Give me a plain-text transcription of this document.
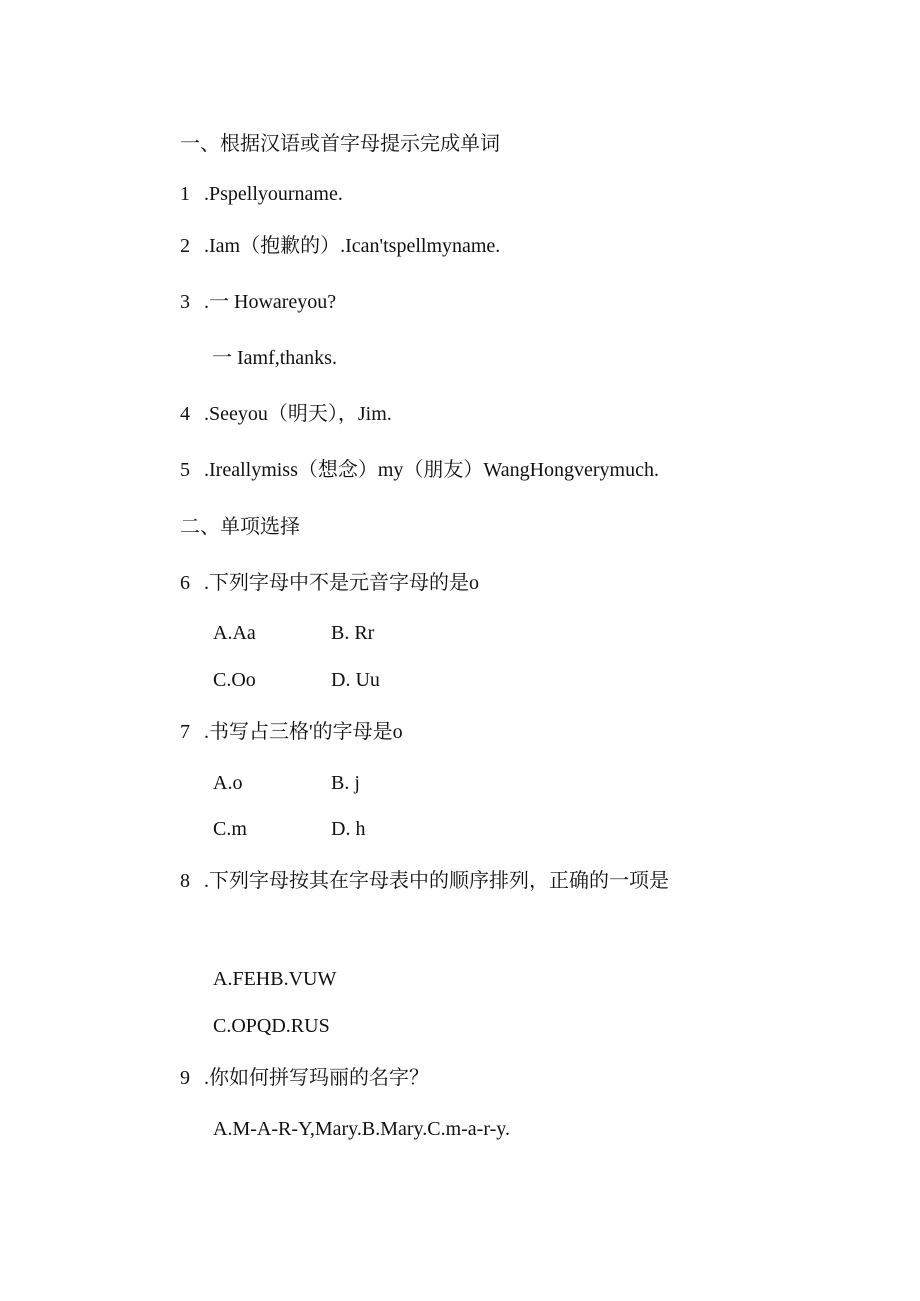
一、根据汉语或首字母提示完成单词
1 .Pspellyourname.
2 .Iam（抱歉的）.Ican'tspellmyname.
3 .一 Howareyou?
一 Iamf,thanks.
4 .Seeyou（明天），Jim.
5 .Ireallymiss（想念）my（朋友）WangHongverymuch.
二、单项选择
6 .下列字母中不是元音字母的是o
A.Aa	B. Rr
C.Oo	D. Uu
7 .书写占三格'的字母是o
A.o	B. j
C.m	D. h
8 .下列字母按其在字母表中的顺序排列，正确的一项是
A.FEHB.VUW
C.OPQD.RUS
9 .你如何拼写玛丽的名字？
A.M-A-R-Y,Mary.B.Mary.C.m-a-r-y.
